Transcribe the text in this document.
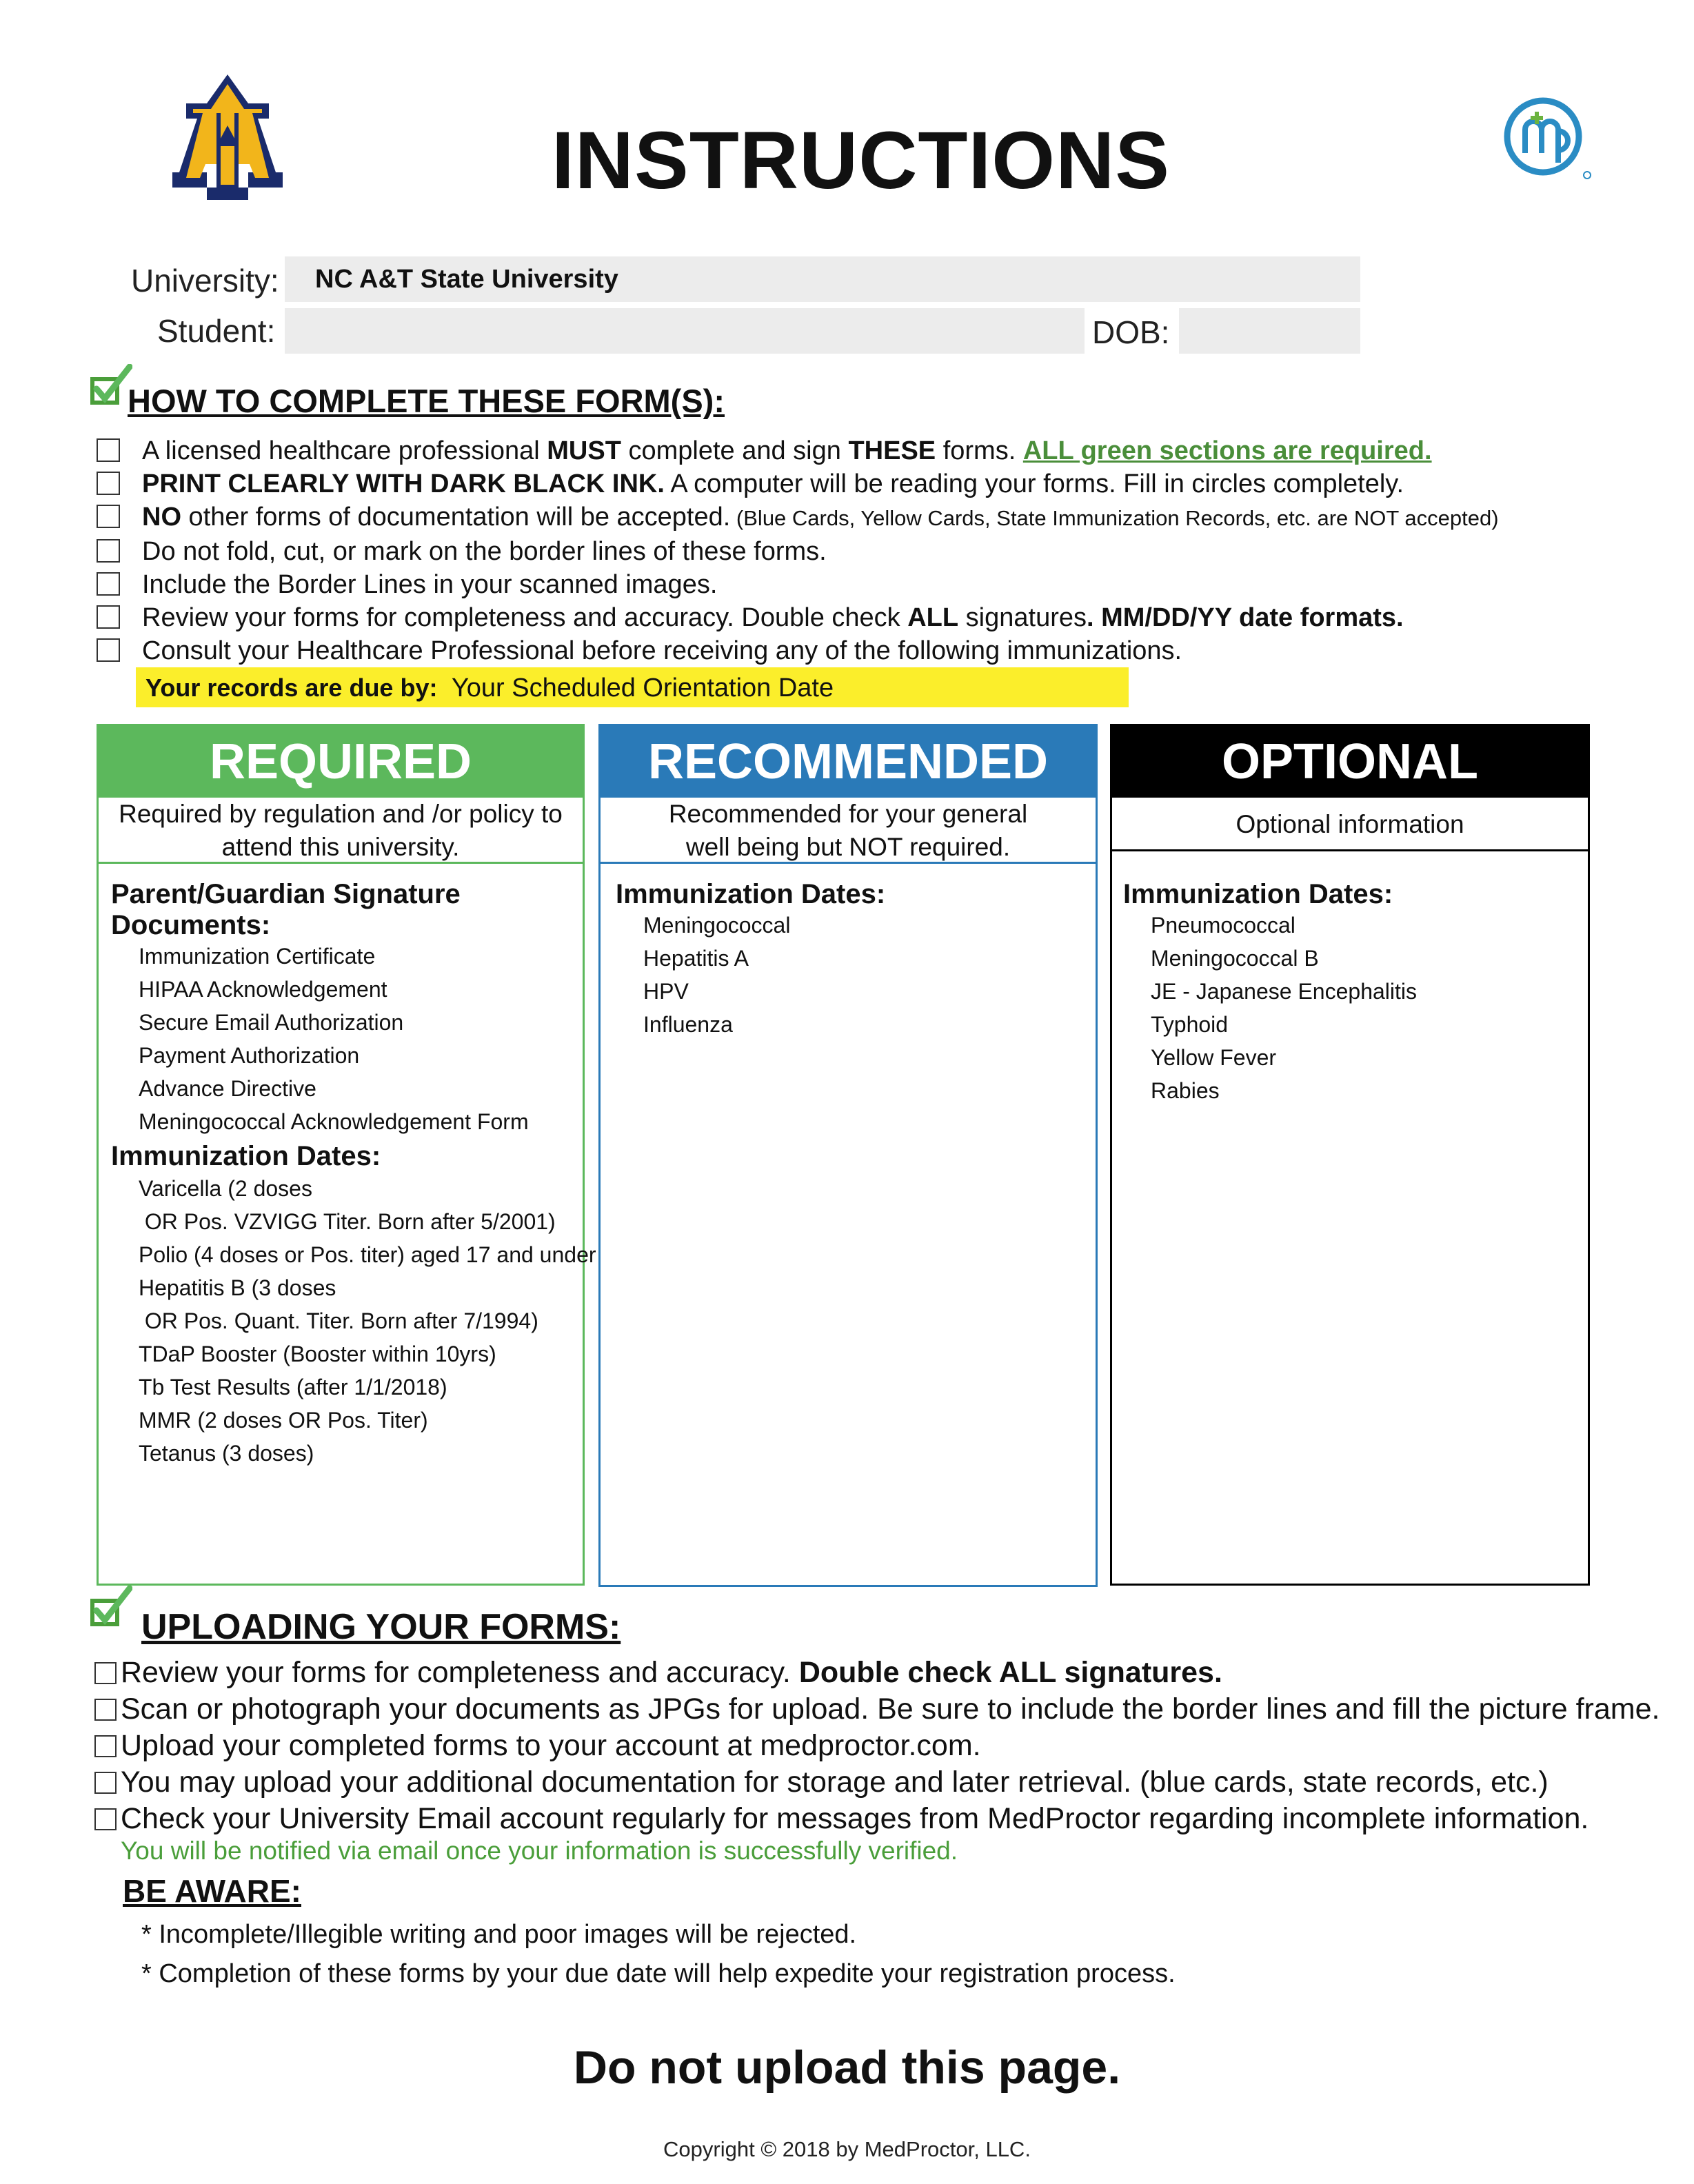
INSTRUCTIONS
University:	NC A&T State University
Student:	DOB:
HOW TO COMPLETE THESE FORM(S):
A licensed healthcare professional MUST complete and sign THESE forms. ALL green sections are required.
PRINT CLEARLY WITH DARK BLACK INK. A computer will be reading your forms. Fill in circles completely.
NO other forms of documentation will be accepted. (Blue Cards, Yellow Cards, State Immunization Records, etc. are NOT accepted)
Do not fold, cut, or mark on the border lines of these forms.
Include the Border Lines in your scanned images.
Review your forms for completeness and accuracy. Double check ALL signatures. MM/DD/YY date formats.
Consult your Healthcare Professional before receiving any of the following immunizations.
Your records are due by: Your Scheduled Orientation Date
REQUIRED
Required by regulation and /or policy to
attend this university.
Parent/Guardian Signature
Documents:
Immunization Certificate
HIPAA Acknowledgement
Secure Email Authorization
Payment Authorization
Advance Directive
Meningococcal Acknowledgement Form
Immunization Dates:
Varicella (2 doses
OR Pos. VZVIGG Titer. Born after 5/2001)
Polio (4 doses or Pos. titer) aged 17 and under
Hepatitis B (3 doses
OR Pos. Quant. Titer. Born after 7/1994)
TDaP Booster (Booster within 10yrs)
Tb Test Results (after 1/1/2018)
MMR (2 doses OR Pos. Titer)
Tetanus (3 doses)
RECOMMENDED
Recommended for your general
well being but NOT required.
Immunization Dates:
Meningococcal
Hepatitis A
HPV
Influenza
OPTIONAL
Optional information
Immunization Dates:
Pneumococcal
Meningococcal B
JE - Japanese Encephalitis
Typhoid
Yellow Fever
Rabies
UPLOADING YOUR FORMS:
Review your forms for completeness and accuracy. Double check ALL signatures.
Scan or photograph your documents as JPGs for upload. Be sure to include the border lines and fill the picture frame.
Upload your completed forms to your account at medproctor.com.
You may upload your additional documentation for storage and later retrieval. (blue cards, state records, etc.)
Check your University Email account regularly for messages from MedProctor regarding incomplete information.
You will be notified via email once your information is successfully verified.
BE AWARE:
* Incomplete/Illegible writing and poor images will be rejected.
* Completion of these forms by your due date will help expedite your registration process.
Do not upload this page.
Copyright © 2018 by MedProctor, LLC.
